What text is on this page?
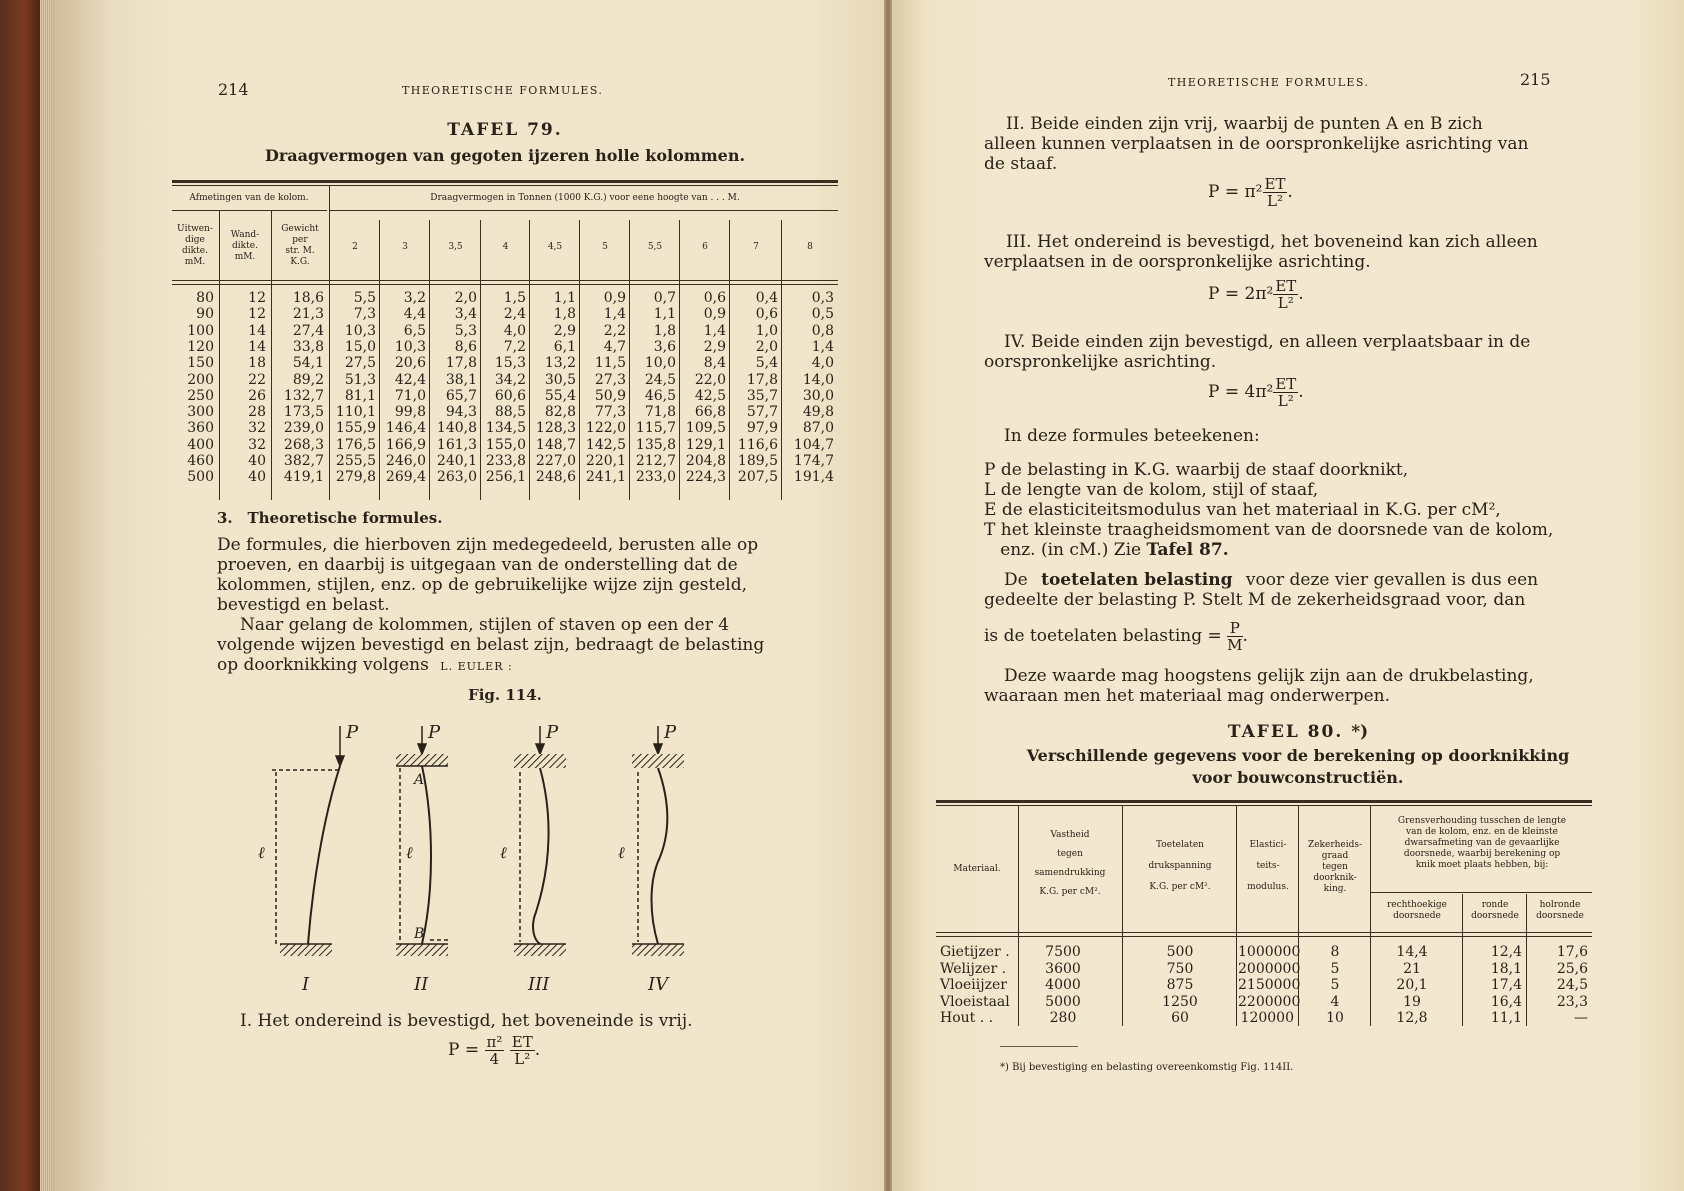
214	THEORETISCHE FORMULES.
TAFEL 79.
Draagvermogen van gegoten ijzeren holle kolommen.
Afmetingen van de kolom.	Draagvermogen in Tonnen (1000 K.G.) voor eene hoogte van . . . M.
Uitwen-
dige
dikte.
mM.
Wand-
dikte.
mM.
Gewicht
per
str. M.
K.G.
2	3	3,5	4	4,5	5	5,5	6	7	8
80	12	18,6	5,5	3,2	2,0	1,5	1,1	0,9	0,7	0,6	0,4	0,3
90	12	21,3	7,3	4,4	3,4	2,4	1,8	1,4	1,1	0,9	0,6	0,5
100	14	27,4	10,3	6,5	5,3	4,0	2,9	2,2	1,8	1,4	1,0	0,8
120	14	33,8	15,0	10,3	8,6	7,2	6,1	4,7	3,6	2,9	2,0	1,4
150	18	54,1	27,5	20,6	17,8	15,3	13,2	11,5	10,0	8,4	5,4	4,0
200	22	89,2	51,3	42,4	38,1	34,2	30,5	27,3	24,5	22,0	17,8	14,0
250	26	132,7	81,1	71,0	65,7	60,6	55,4	50,9	46,5	42,5	35,7	30,0
300	28	173,5 110,1	99,8	94,3	88,5	82,8	77,3	71,8	66,8	57,7	49,8
360	32	239,0 155,9 146,4 140,8 134,5 128,3 122,0 115,7 109,5	97,9	87,0
400	32	268,3 176,5 166,9 161,3 155,0 148,7 142,5 135,8 129,1 116,6	104,7
460	40	382,7 255,5 246,0 240,1 233,8 227,0 220,1 212,7 204,8 189,5	174,7
500	40	419,1 279,8 269,4 263,0 256,1 248,6 241,1 233,0 224,3 207,5	191,4
3. Theoretische formules.
De formules, die hierboven zijn medegedeeld, berusten alle op
proeven, en daarbij is uitgegaan van de onderstelling dat de
kolommen, stijlen, enz. op de gebruikelijke wijze zijn gesteld,
bevestigd en belast.
Naar gelang de kolommen, stijlen of staven op een der 4
volgende wijzen bevestigd en belast zijn, bedraagt de belasting
op doorknikking volgens L. EULER :
Fig. 114.
P	P	P	P
ℓ	ℓ	ℓ	ℓ
A
B
I	II	III	IV
I. Het ondereind is bevestigd, het boveneinde is vrij.
$P = \frac{\text{π²}}{4}$
$\frac{ET}{\text{L²}}$ .
THEORETISCHE FORMULES.	215
II. Beide einden zijn vrij, waarbij de punten A en B zich
alleen kunnen verplaatsen in de oorspronkelijke asrichting van
de staaf.
$P = \pi^2 \frac{ET}{\text{L²}}$ .
III. Het ondereind is bevestigd, het boveneind kan zich alleen
verplaatsen in de oorspronkelijke asrichting.
$P = 2\pi^2 \frac{ET}{\text{L²}}$ .
IV. Beide einden zijn bevestigd, en alleen verplaatsbaar in de
oorspronkelijke asrichting.
$P = 4\pi^2 \frac{ET}{\text{L²}}$ .
In deze formules beteekenen:
P de belasting in K.G. waarbij de staaf doorknikt,
L de lengte van de kolom, stijl of staaf,
E de elasticiteitsmodulus van het materiaal in K.G. per cM²,
T het kleinste traagheidsmoment van de doorsnede van de kolom,
enz. (in cM.) Zie Tafel 87.
De toetelaten belasting voor deze vier gevallen is dus een
gedeelte der belasting P. Stelt M de zekerheidsgraad voor, dan
is de toetelaten belasting = $\frac{P}{M}$ .
Deze waarde mag hoogstens gelijk zijn aan de drukbelasting,
waaraan men het materiaal mag onderwerpen.
TAFEL 80. *)
Verschillende gegevens voor de berekening op doorknikking
voor bouwconstructiën.
Materiaal.
Vastheid
tegen
samendrukking
K.G. per cM².
Toetelaten
drukspanning
K.G. per cM².
Elastici-
teits-
modulus.
Zekerheids-
graad
tegen
doorknik-
king.
Grensverhouding tusschen de lengte
van de kolom, enz. en de kleinste
dwarsafmeting van de gevaarlijke
doorsnede, waarbij berekening op
knik moet plaats hebben, bij:
rechthoekige
doorsnede
ronde
doorsnede
holronde
doorsnede
Gietijzer .	7500	500	1000000	8	14,4	12,4	17,6
Welijzer .	3600	750	2000000	5	21	18,1	25,6
Vloeiijzer	4000	875	2150000	5	20,1	17,4	24,5
Vloeistaal	5000	1250	2200000	4	19	16,4	23,3
Hout . .	280	60	120000	10	12,8	11,1	—
*) Bij bevestiging en belasting overeenkomstig Fig. 114II.
